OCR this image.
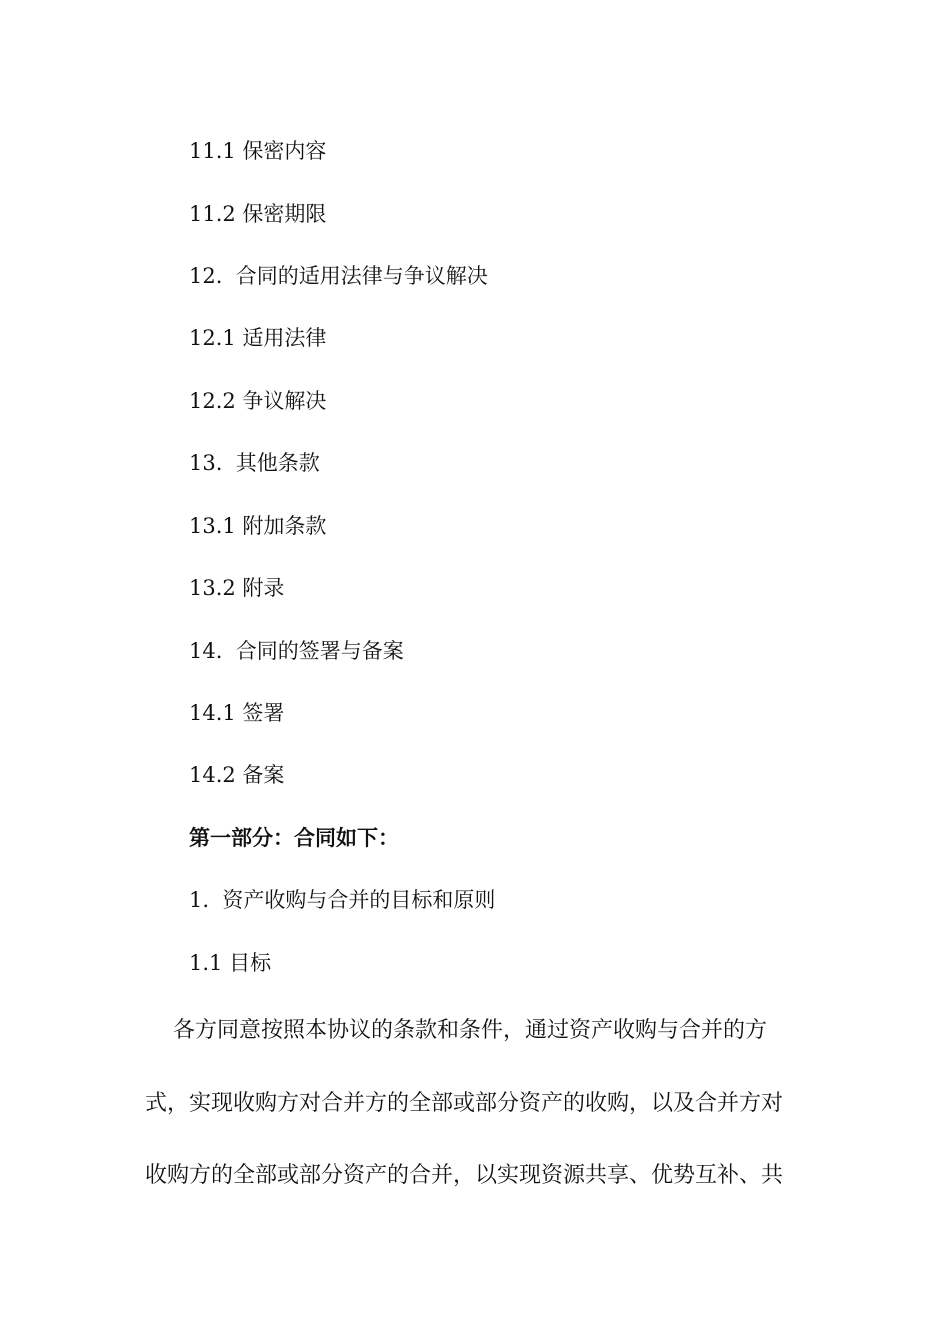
11.1 保密内容
11.2 保密期限
12.  合同的适用法律与争议解决
12.1 适用法律
12.2 争议解决
13.  其他条款
13.1 附加条款
13.2 附录
14.  合同的签署与备案
14.1 签署
14.2 备案
第一部分：合同如下：
1.  资产收购与合并的目标和原则
1.1 目标
各方同意按照本协议的条款和条件，通过资产收购与合并的方
式，实现收购方对合并方的全部或部分资产的收购，以及合并方对
收购方的全部或部分资产的合并，以实现资源共享、优势互补、共
